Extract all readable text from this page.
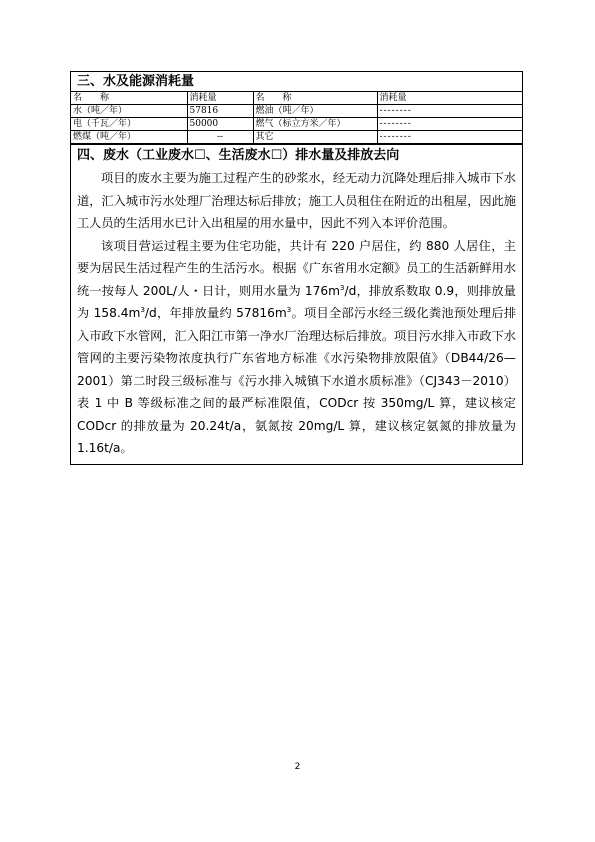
三、水及能源消耗量
名　　称	消耗量	名　　称	消耗量
水（吨／年）	57816	燃油（吨／年）	--------
电（千瓦／年）	50000	燃气（标立方米／年）	--------
燃煤（吨／年）	--	其它	--------
四、废水（工业废水☐、生活废水☐）排水量及排放去向

项目的废水主要为施工过程产生的砂浆水，经无动力沉降处理后排入城市下水道，汇入城市污水处理厂治理达标后排放；施工人员租住在附近的出租屋，因此施工人员的生活用水已计入出租屋的用水量中，因此不列入本评价范围。

该项目营运过程主要为住宅功能，共计有 220 户居住，约 880 人居住，主要为居民生活过程产生的生活污水。根据《广东省用水定额》员工的生活新鲜用水统一按每人 200L/人・日计，则用水量为 $176m^3/d$，排放系数取 0.9，则排放量为 $158.4m^3/d$，年排放量约 $57816m^3$。项目全部污水经三级化粪池预处理后排入市政下水管网，汇入阳江市第一净水厂治理达标后排放。项目污水排入市政下水管网的主要污染物浓度执行广东省地方标准《水污染物排放限值》（DB44/26—2001）第二时段三级标准与《污水排入城镇下水道水质标准》（CJ343－2010）表 1 中 B 等级标准之间的最严标准限值，CODcr 按 350mg/L 算，建议核定 CODcr 的排放量为 20.24t/a，氨氮按 20mg/L 算，建议核定氨氮的排放量为 1.16t/a。

2
